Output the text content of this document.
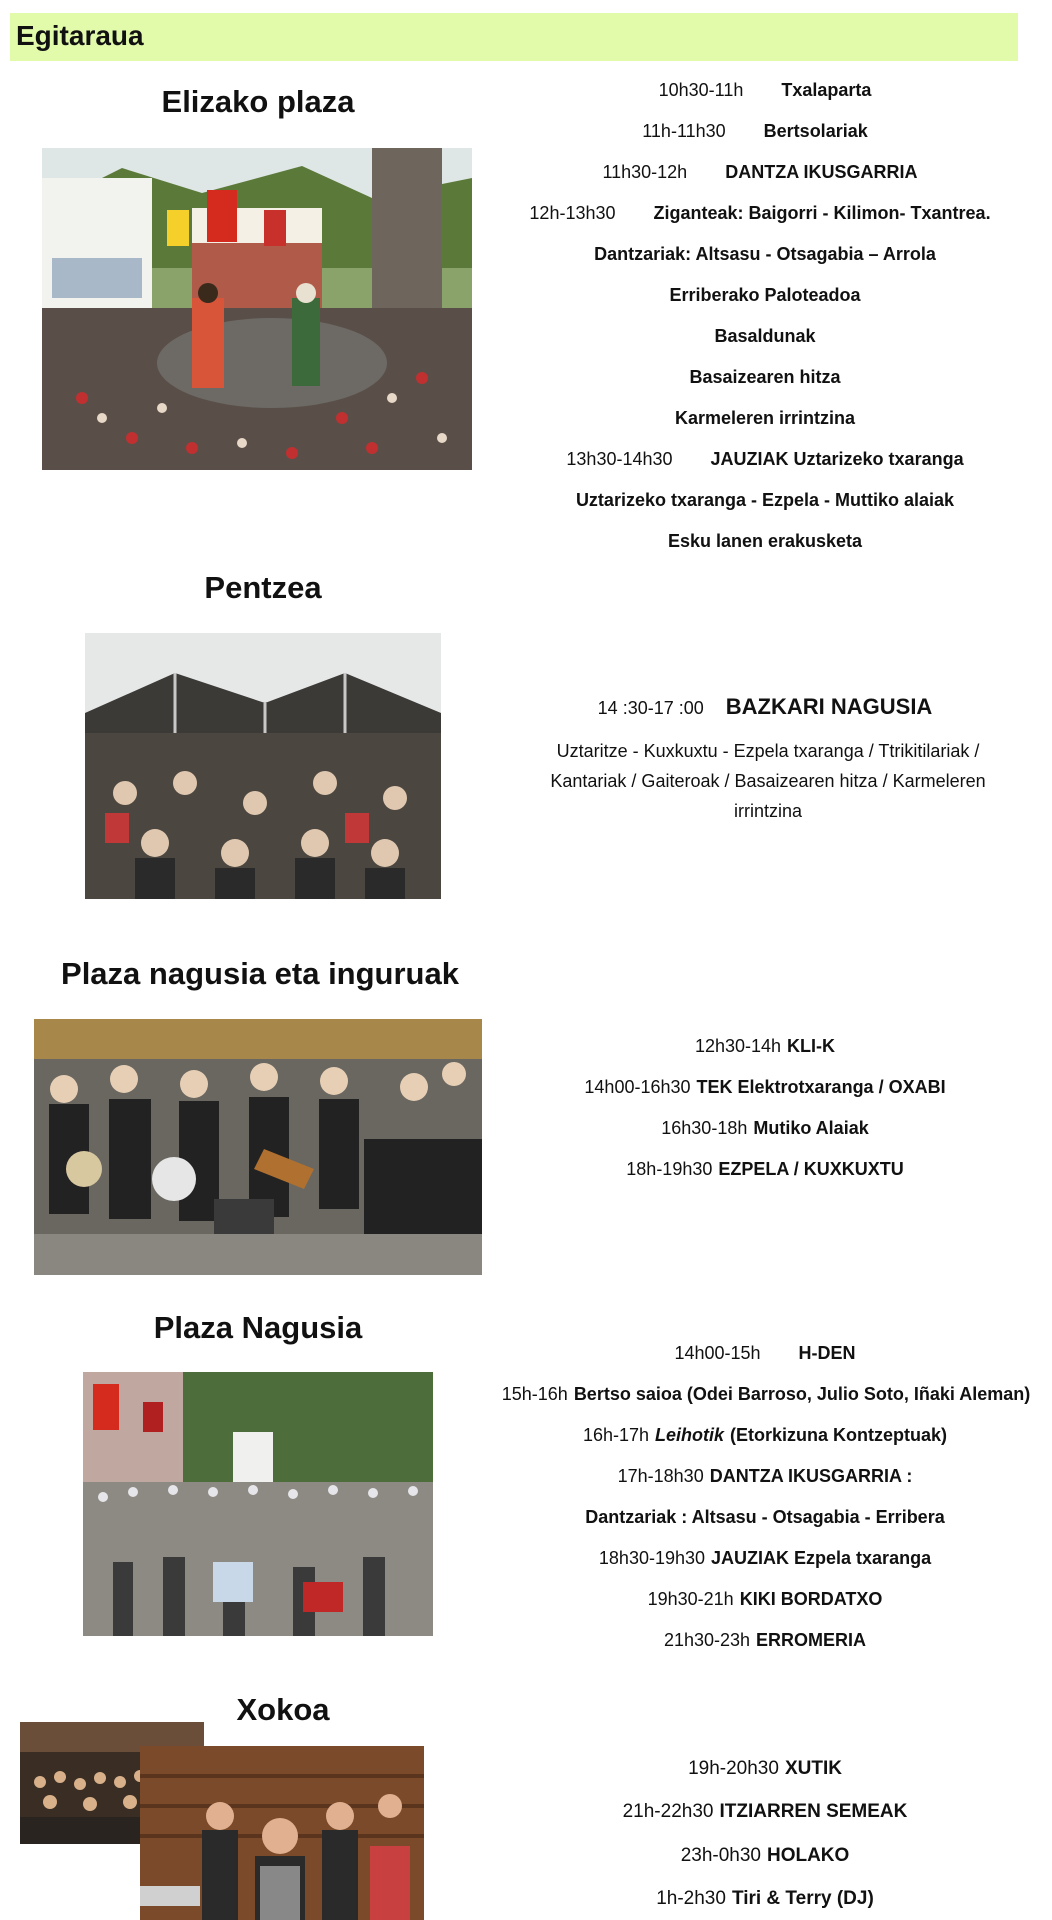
Egitaraua
Elizako plaza	10h30-11h Txalaparta
11h-11h30 Bertsolariak
11h30-12h DANTZA IKUSGARRIA
12h-13h30 Ziganteak: Baigorri - Kilimon- Txantrea.
Dantzariak: Altsasu - Otsagabia – Arrola
Erriberako Paloteadoa
Basaldunak
Basaizearen hitza
Karmeleren irrintzina
13h30-14h30 JAUZIAK Uztarizeko txaranga
Uztarizeko txaranga - Ezpela - Muttiko alaiak
Esku lanen erakusketa
Pentzea
14 :30-17 :00 BAZKARI NAGUSIA
Uztaritze - Kuxkuxtu - Ezpela txaranga / Ttrikitilariak / Kantariak / Gaiteroak / Basaizearen hitza / Karmeleren irrintzina
Plaza nagusia eta inguruak
12h30-14h KLI-K
14h00-16h30 TEK Elektrotxaranga / OXABI
16h30-18h Mutiko Alaiak
18h-19h30 EZPELA / KUXKUXTU
Plaza Nagusia
14h00-15h H-DEN
15h-16h Bertso saioa (Odei Barroso, Julio Soto, Iñaki Aleman)
16h-17h Leihotik (Etorkizuna Kontzeptuak)
17h-18h30 DANTZA IKUSGARRIA :
Dantzariak : Altsasu - Otsagabia - Erribera
18h30-19h30 JAUZIAK Ezpela txaranga
19h30-21h KIKI BORDATXO
21h30-23h ERROMERIA
Xokoa
19h-20h30 XUTIK
21h-22h30 ITZIARREN SEMEAK
23h-0h30 HOLAKO
1h-2h30 Tiri & Terry (DJ)
